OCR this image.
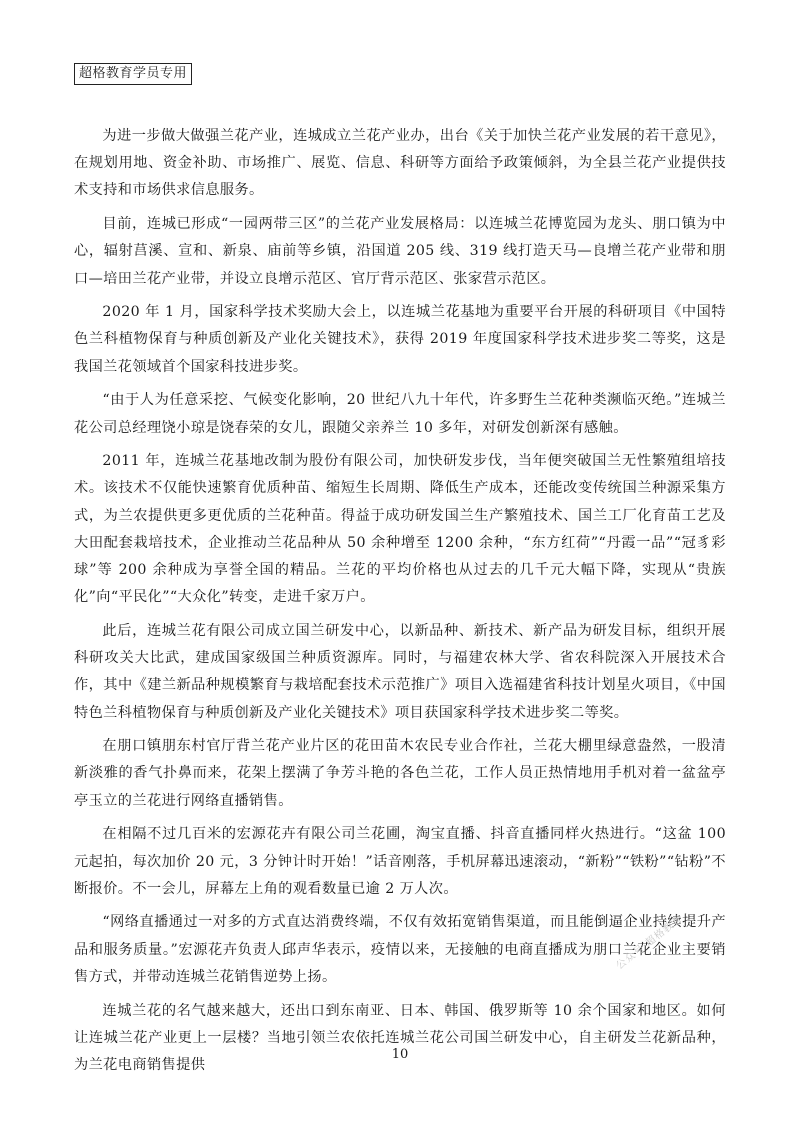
超格教育学员专用

为进一步做大做强兰花产业，连城成立兰花产业办，出台《关于加快兰花产业发展的若干意见》，在规划用地、资金补助、市场推广、展览、信息、科研等方面给予政策倾斜，为全县兰花产业提供技术支持和市场供求信息服务。

目前，连城已形成“一园两带三区”的兰花产业发展格局：以连城兰花博览园为龙头、朋口镇为中心，辐射莒溪、宣和、新泉、庙前等乡镇，沿国道 205 线、319 线打造天马—良增兰花产业带和朋口—培田兰花产业带，并设立良增示范区、官厅背示范区、张家营示范区。

2020 年 1 月，国家科学技术奖励大会上，以连城兰花基地为重要平台开展的科研项目《中国特色兰科植物保育与种质创新及产业化关键技术》，获得 2019 年度国家科学技术进步奖二等奖，这是我国兰花领域首个国家科技进步奖。

“由于人为任意采挖、气候变化影响，20 世纪八九十年代，许多野生兰花种类濒临灭绝。”连城兰花公司总经理饶小琼是饶春荣的女儿，跟随父亲养兰 10 多年，对研发创新深有感触。

2011 年，连城兰花基地改制为股份有限公司，加快研发步伐，当年便突破国兰无性繁殖组培技术。该技术不仅能快速繁育优质种苗、缩短生长周期、降低生产成本，还能改变传统国兰种源采集方式，为兰农提供更多更优质的兰花种苗。得益于成功研发国兰生产繁殖技术、国兰工厂化育苗工艺及大田配套栽培技术，企业推动兰花品种从 50 余种增至 1200 余种，“东方红荷”“丹霞一品”“冠豸彩球”等 200 余种成为享誉全国的精品。兰花的平均价格也从过去的几千元大幅下降，实现从“贵族化”向“平民化”“大众化”转变，走进千家万户。

此后，连城兰花有限公司成立国兰研发中心，以新品种、新技术、新产品为研发目标，组织开展科研攻关大比武，建成国家级国兰种质资源库。同时，与福建农林大学、省农科院深入开展技术合作，其中《建兰新品种规模繁育与栽培配套技术示范推广》项目入选福建省科技计划星火项目，《中国特色兰科植物保育与种质创新及产业化关键技术》项目获国家科学技术进步奖二等奖。

在朋口镇朋东村官厅背兰花产业片区的花田苗木农民专业合作社，兰花大棚里绿意盎然，一股清新淡雅的香气扑鼻而来，花架上摆满了争芳斗艳的各色兰花，工作人员正热情地用手机对着一盆盆亭亭玉立的兰花进行网络直播销售。

在相隔不过几百米的宏源花卉有限公司兰花圃，淘宝直播、抖音直播同样火热进行。“这盆 100 元起拍，每次加价 20 元，3 分钟计时开始！”话音刚落，手机屏幕迅速滚动，“新粉”“铁粉”“钻粉”不断报价。不一会儿，屏幕左上角的观看数量已逾 2 万人次。

“网络直播通过一对多的方式直达消费终端，不仅有效拓宽销售渠道，而且能倒逼企业持续提升产品和服务质量。”宏源花卉负责人邱声华表示，疫情以来，无接触的电商直播成为朋口兰花企业主要销售方式，并带动连城兰花销售逆势上扬。

连城兰花的名气越来越大，还出口到东南亚、日本、韩国、俄罗斯等 10 余个国家和地区。如何让连城兰花产业更上一层楼？当地引领兰农依托连城兰花公司国兰研发中心，自主研发兰花新品种，为兰花电商销售提供

公众号·超格教育
10
